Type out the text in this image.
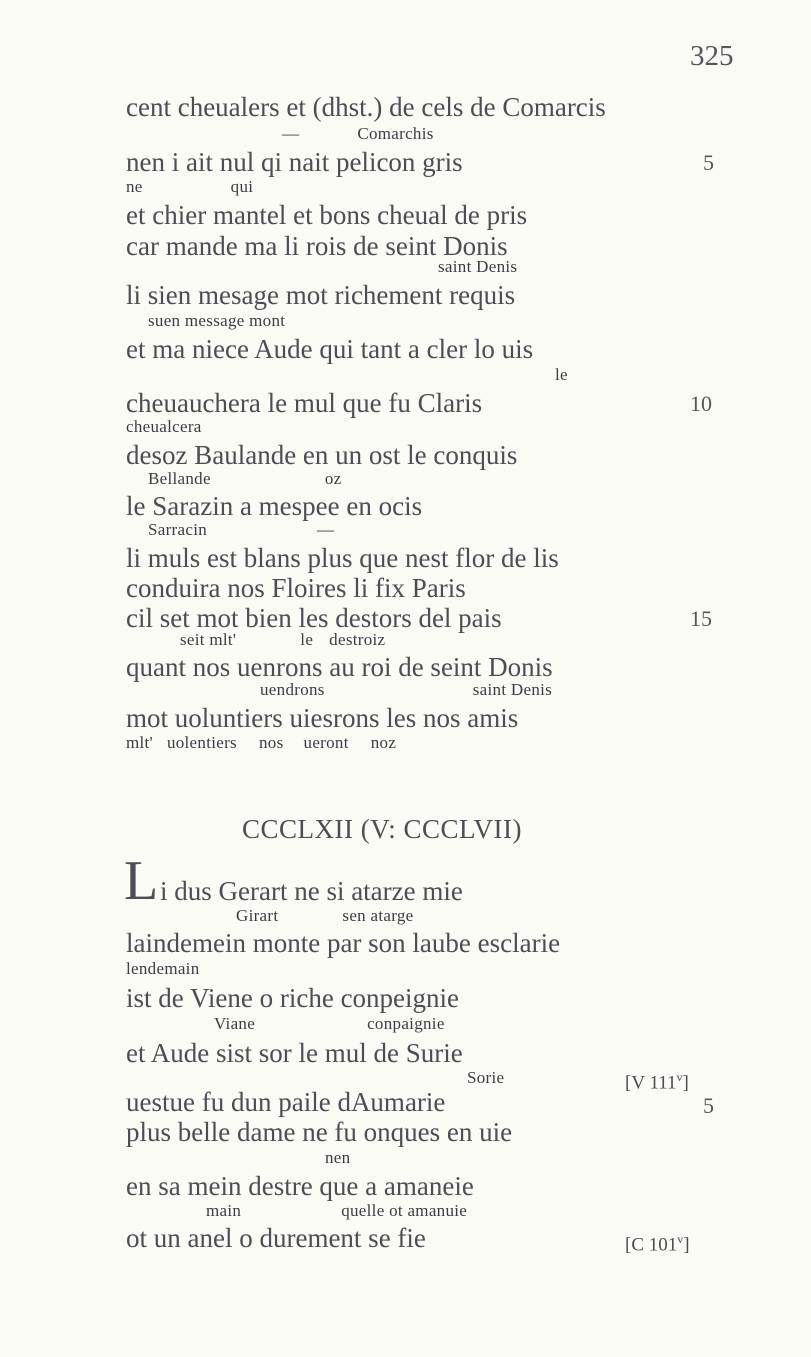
325
cent cheualers et (dhst.) de cels de Comarcis
—	Comarchis
nen i ait nul qi nait pelicon gris	5
ne	qui
et chier mantel et bons cheual de pris
car mande ma li rois de seint Donis
saint Denis
li sien mesage mot richement requis
suen message mont
et ma niece Aude qui tant a cler lo uis
le
cheuauchera le mul que fu Claris	10
cheualcera
desoz Baulande en un ost le conquis
Bellande	oz
le Sarazin a mespee en ocis
Sarracin	—
li muls est blans plus que nest flor de lis
conduira nos Floires li fix Paris
cil set mot bien les destors del pais	15
seit mlt'	le destroiz
quant nos uenrons au roi de seint Donis
uendrons	saint Denis
mot uoluntiers uiesrons les nos amis
mlt' uolentiers nos ueront noz
CCCLXII (V: CCCLVII)
L i dus Gerart ne si atarze mie
Girart	sen atarge
laindemein monte par son laube esclarie
lendemain
ist de Viene o riche conpeignie
Viane	conpaignie
et Aude sist sor le mul de Surie
Sorie	[V 111$^v$]
uestue fu dun paile dAumarie	5
plus belle dame ne fu onques en uie
nen
en sa mein destre que a amaneie
main	quelle ot amanuie
ot un anel o durement se fie	[C 101$^v$]
